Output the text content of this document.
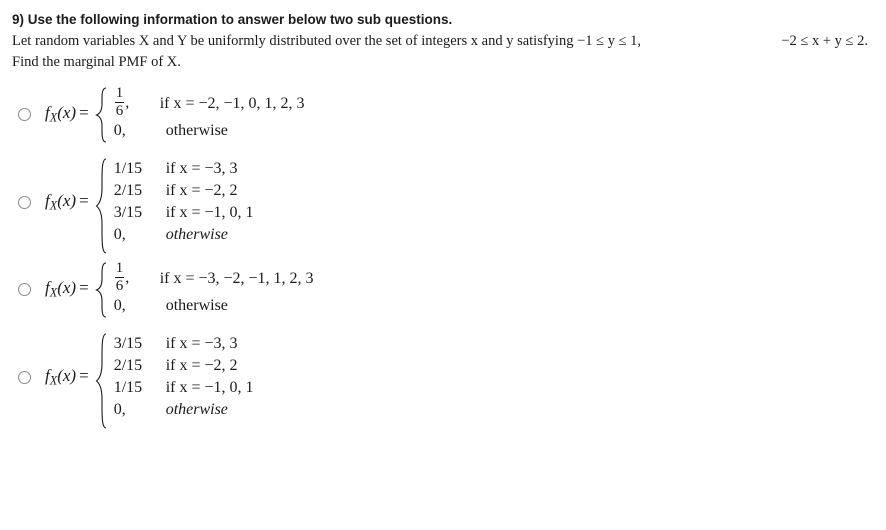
9) Use the following information to answer below two sub questions.
Let random variables X and Y be uniformly distributed over the set of integers x and y satisfying −1 ≤ y ≤ 1,	−2 ≤ x + y ≤ 2.
Find the marginal PMF of X.
$f_X(x) = \frac{1}{6}$ ,	if x = −2, −1, 0, 1, 2, 3
0,	otherwise
$f_X(x)$ =
1/15	if x = −3, 3
2/15	if x = −2, 2
3/15	if x = −1, 0, 1
0,	otherwise
$f_X(x) = \frac{1}{6}$ ,	if x = −3, −2, −1, 1, 2, 3
0,	otherwise
$f_X(x)$ =
3/15	if x = −3, 3
2/15	if x = −2, 2
1/15	if x = −1, 0, 1
0,	otherwise
